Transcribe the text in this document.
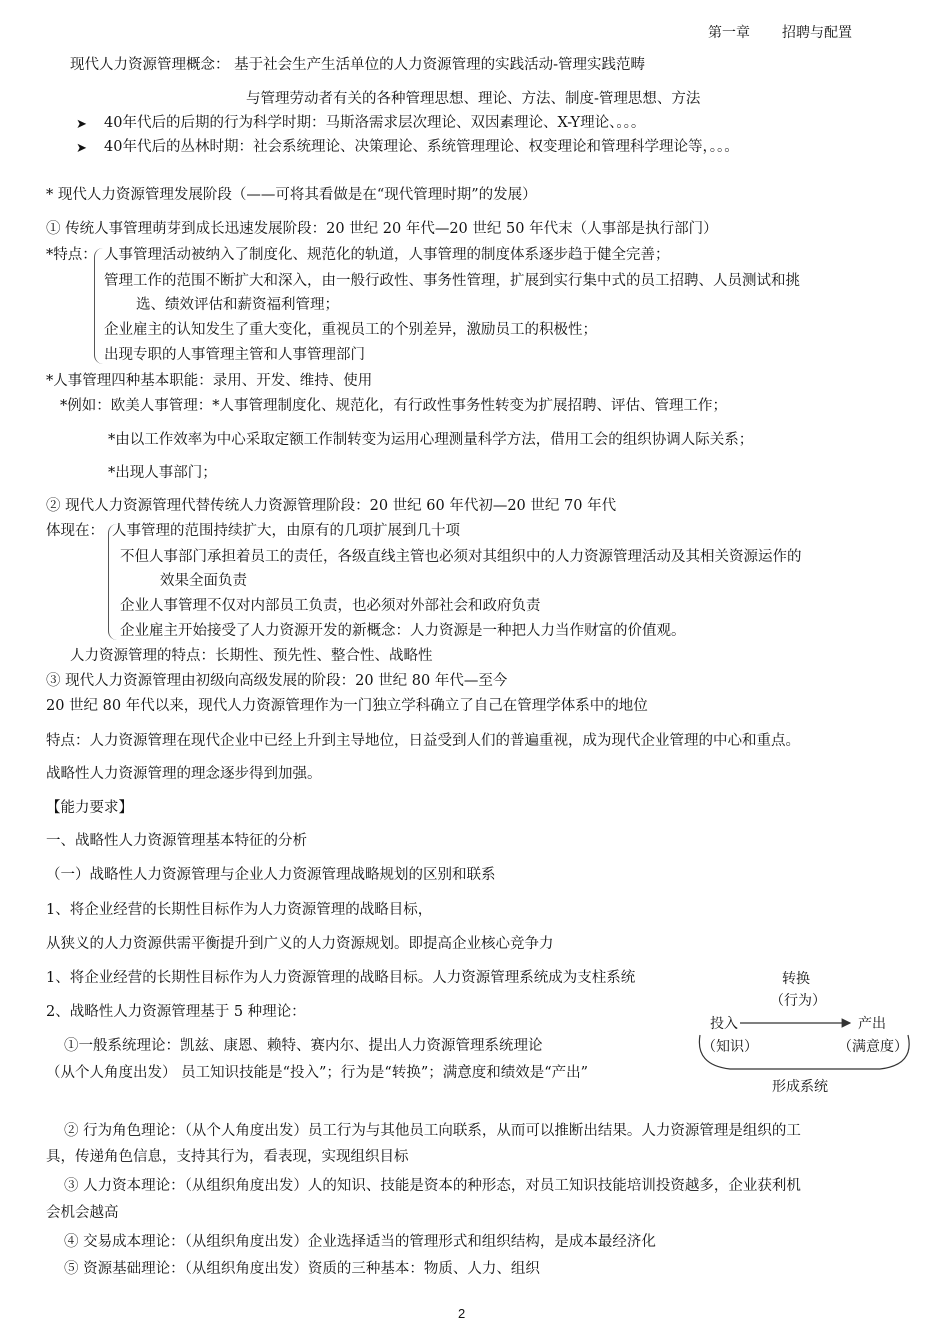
第一章 招聘与配置
现代人力资源管理概念： 基于社会生产生活单位的人力资源管理的实践活动-管理实践范畴
与管理劳动者有关的各种管理思想、理论、方法、制度-管理思想、方法
➤ 40年代后的后期的行为科学时期：马斯洛需求层次理论、双因素理论、X-Y理论、。。。
➤ 40年代后的丛林时期：社会系统理论、决策理论、系统管理理论、权变理论和管理科学理论等，。。。
* 现代人力资源管理发展阶段（——可将其看做是在“现代管理时期”的发展）
① 传统人事管理萌芽到成长迅速发展阶段：20 世纪 20 年代—20 世纪 50 年代末（人事部是执行部门）
*特点： 人事管理活动被纳入了制度化、规范化的轨道，人事管理的制度体系逐步趋于健全完善；
管理工作的范围不断扩大和深入，由一般行政性、事务性管理，扩展到实行集中式的员工招聘、人员测试和挑
选、绩效评估和薪资福利管理；
企业雇主的认知发生了重大变化，重视员工的个别差异，激励员工的积极性；
出现专职的人事管理主管和人事管理部门
*人事管理四种基本职能：录用、开发、维持、使用
*例如：欧美人事管理：*人事管理制度化、规范化，有行政性事务性转变为扩展招聘、评估、管理工作；
*由以工作效率为中心采取定额工作制转变为运用心理测量科学方法，借用工会的组织协调人际关系；
*出现人事部门；
② 现代人力资源管理代替传统人力资源管理阶段：20 世纪 60 年代初—20 世纪 70 年代
体现在： 人事管理的范围持续扩大，由原有的几项扩展到几十项
不但人事部门承担着员工的责任，各级直线主管也必须对其组织中的人力资源管理活动及其相关资源运作的
效果全面负责
企业人事管理不仅对内部员工负责，也必须对外部社会和政府负责
企业雇主开始接受了人力资源开发的新概念：人力资源是一种把人力当作财富的价值观。
人力资源管理的特点：长期性、预先性、整合性、战略性
③ 现代人力资源管理由初级向高级发展的阶段：20 世纪 80 年代—至今
20 世纪 80 年代以来，现代人力资源管理作为一门独立学科确立了自己在管理学体系中的地位
特点：人力资源管理在现代企业中已经上升到主导地位，日益受到人们的普遍重视，成为现代企业管理的中心和重点。
战略性人力资源管理的理念逐步得到加强。
【能力要求】
一、战略性人力资源管理基本特征的分析
（一）战略性人力资源管理与企业人力资源管理战略规划的区别和联系
1、将企业经营的长期性目标作为人力资源管理的战略目标，
从狭义的人力资源供需平衡提升到广义的人力资源规划。即提高企业核心竞争力
1、将企业经营的长期性目标作为人力资源管理的战略目标。人力资源管理系统成为支柱系统
2、战略性人力资源管理基于 5 种理论：
①一般系统理论：凯兹、康恩、赖特、赛内尔、提出人力资源管理系统理论
（从个人角度出发） 员工知识技能是“投入”；行为是“转换”；满意度和绩效是“产出”
② 行为角色理论：（从个人角度出发）员工行为与其他员工向联系，从而可以推断出结果。人力资源管理是组织的工
具，传递角色信息，支持其行为，看表现，实现组织目标
③ 人力资本理论：（从组织角度出发）人的知识、技能是资本的种形态，对员工知识技能培训投资越多，企业获利机
会机会越高
④ 交易成本理论：（从组织角度出发）企业选择适当的管理形式和组织结构，是成本最经济化
⑤ 资源基础理论：（从组织角度出发）资质的三种基本：物质、人力、组织
转换
（行为）
投入	产出
（知识）	（满意度）
形成系统
2
